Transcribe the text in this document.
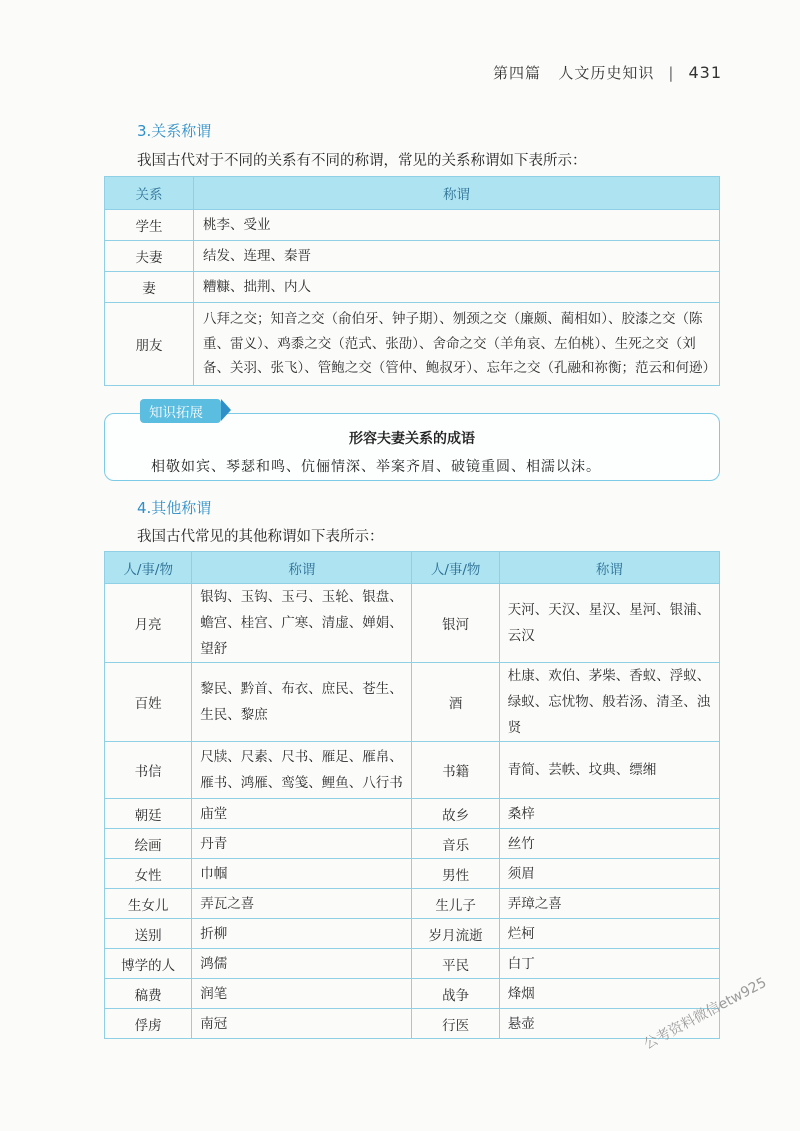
第四篇 人文历史知识 | 431
3.关系称谓
我国古代对于不同的关系有不同的称谓，常见的关系称谓如下表所示：
关系	称谓
学生	桃李、受业
夫妻	结发、连理、秦晋
妻	糟糠、拙荆、内人
朋友	八拜之交；知音之交（俞伯牙、钟子期）、刎颈之交（廉颇、蔺相如）、胶漆之交（陈重、雷义）、鸡黍之交（范式、张劭）、舍命之交（羊角哀、左伯桃）、生死之交（刘备、关羽、张飞）、管鲍之交（管仲、鲍叔牙）、忘年之交（孔融和祢衡；范云和何逊）
形容夫妻关系的成语
相敬如宾、琴瑟和鸣、伉俪情深、举案齐眉、破镜重圆、相濡以沫。
知识拓展
4.其他称谓
我国古代常见的其他称谓如下表所示：
人/事/物	称谓	人/事/物	称谓
月亮	银钩、玉钩、玉弓、玉轮、银盘、蟾宫、桂宫、广寒、清虚、婵娟、望舒	银河	天河、天汉、星汉、星河、银浦、云汉
百姓	黎民、黔首、布衣、庶民、苍生、生民、黎庶	酒	杜康、欢伯、茅柴、香蚁、浮蚁、绿蚁、忘忧物、般若汤、清圣、浊贤
书信	尺牍、尺素、尺书、雁足、雁帛、雁书、鸿雁、鸾笺、鲤鱼、八行书	书籍	青简、芸帙、坟典、缥缃
朝廷	庙堂	故乡	桑梓
绘画	丹青	音乐	丝竹
女性	巾帼	男性	须眉
生女儿	弄瓦之喜	生儿子	弄璋之喜
送别	折柳	岁月流逝	烂柯
博学的人	鸿儒	平民	白丁
稿费	润笔	战争	烽烟
俘虏	南冠	行医	悬壶	公考资料微信etw925
